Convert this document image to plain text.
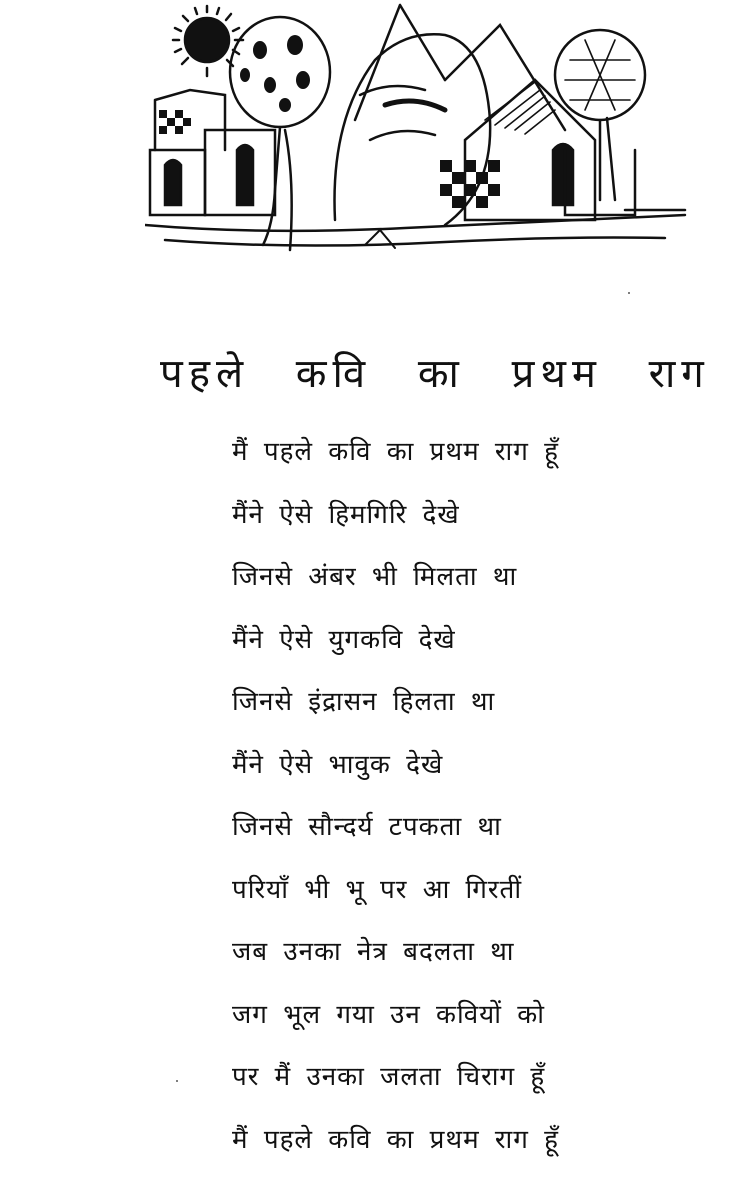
पहले कवि का प्रथम राग
मैं पहले कवि का प्रथम राग हूँ
मैंने ऐसे हिमगिरि देखे
जिनसे अंबर भी मिलता था
मैंने ऐसे युगकवि देखे
जिनसे इंद्रासन हिलता था
मैंने ऐसे भावुक देखे
जिनसे सौन्दर्य टपकता था
परियाँ भी भू पर आ गिरतीं
जब उनका नेत्र बदलता था
जग भूल गया उन कवियों को
पर मैं उनका जलता चिराग हूँ
मैं पहले कवि का प्रथम राग हूँ
